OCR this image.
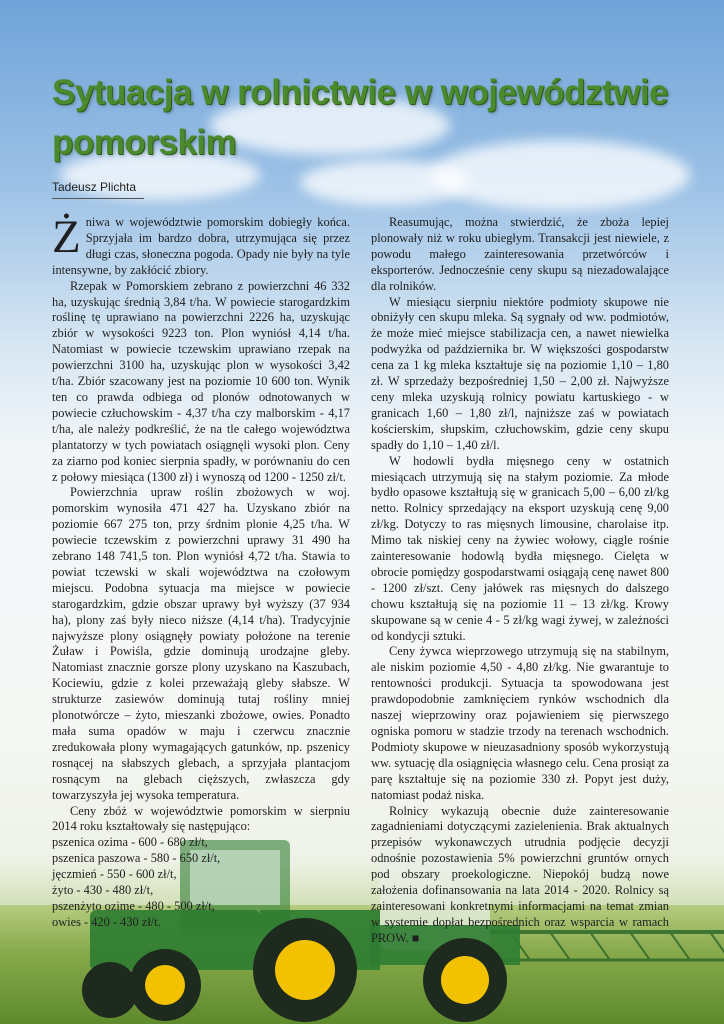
Sytuacja w rolnictwie w województwie pomorskim
Tadeusz Plichta

Żniwa w województwie pomorskim dobiegły końca. Sprzyjała im bardzo dobra, utrzymująca się przez długi czas, słoneczna pogoda. Opady nie były na tyle intensywne, by zakłócić zbiory.

Rzepak w Pomorskiem zebrano z powierzchni 46 332 ha, uzyskując średnią 3,84 t/ha. W powiecie starogardzkim roślinę tę uprawiano na powierzchni 2226 ha, uzyskując zbiór w wysokości 9223 ton. Plon wyniósł 4,14 t/ha. Natomiast w powiecie tczewskim uprawiano rzepak na powierzchni 3100 ha, uzyskując plon w wysokości 3,42 t/ha. Zbiór szacowany jest na poziomie 10 600 ton. Wynik ten co prawda odbiega od plonów odnotowanych w powiecie człuchowskim - 4,37 t/ha czy malborskim - 4,17 t/ha, ale należy podkreślić, że na tle całego województwa plantatorzy w tych powiatach osiągnęli wysoki plon. Ceny za ziarno pod koniec sierpnia spadły, w porównaniu do cen z połowy miesiąca (1300 zł) i wynoszą od 1200 - 1250 zł/t.

Powierzchnia upraw roślin zbożowych w woj. pomorskim wynosiła 471 427 ha. Uzyskano zbiór na poziomie 667 275 ton, przy śrdnim plonie 4,25 t/ha. W powiecie tczewskim z powierzchni uprawy 31 490 ha zebrano 148 741,5 ton. Plon wyniósł 4,72 t/ha. Stawia to powiat tczewski w skali województwa na czołowym miejscu. Podobna sytuacja ma miejsce w powiecie starogardzkim, gdzie obszar uprawy był wyższy (37 934 ha), plony zaś były nieco niższe (4,14 t/ha). Tradycyjnie najwyższe plony osiągnęły powiaty położone na terenie Żuław i Powiśla, gdzie dominują urodzajne gleby. Natomiast znacznie gorsze plony uzyskano na Kaszubach, Kociewiu, gdzie z kolei przeważają gleby słabsze. W strukturze zasiewów dominują tutaj rośliny mniej plonotwórcze – żyto, mieszanki zbożowe, owies. Ponadto mała suma opadów w maju i czerwcu znacznie zredukowała plony wymagających gatunków, np. pszenicy rosnącej na słabszych glebach, a sprzyjała plantacjom rosnącym na glebach cięższych, zwłaszcza gdy towarzyszyła jej wysoka temperatura.

Ceny zbóż w województwie pomorskim w sierpniu 2014 roku kształtowały się następująco:

pszenica ozima - 600 - 680 zł/t,
pszenica paszowa - 580 - 650 zł/t,
jęczmień - 550 - 600 zł/t,
żyto - 430 - 480 zł/t,
pszenżyto ozime - 480 - 500 zł/t,
owies - 420 - 430 zł/t.

Reasumując, można stwierdzić, że zboża lepiej plonowały niż w roku ubiegłym. Transakcji jest niewiele, z powodu małego zainteresowania przetwórców i eksporterów. Jednocześnie ceny skupu są niezadowalające dla rolników.

W miesiącu sierpniu niektóre podmioty skupowe nie obniżyły cen skupu mleka. Są sygnały od ww. podmiotów, że może mieć miejsce stabilizacja cen, a nawet niewielka podwyżka od października br. W większości gospodarstw cena za 1 kg mleka kształtuje się na poziomie 1,10 – 1,80 zł. W sprzedaży bezpośredniej 1,50 – 2,00 zł. Najwyższe ceny mleka uzyskują rolnicy powiatu kartuskiego - w granicach 1,60 – 1,80 zł/l, najniższe zaś w powiatach kościerskim, słupskim, człuchowskim, gdzie ceny skupu spadły do 1,10 – 1,40 zł/l.

W hodowli bydła mięsnego ceny w ostatnich miesiącach utrzymują się na stałym poziomie. Za młode bydło opasowe kształtują się w granicach 5,00 – 6,00 zł/kg netto. Rolnicy sprzedający na eksport uzyskują cenę 9,00 zł/kg. Dotyczy to ras mięsnych limousine, charolaise itp. Mimo tak niskiej ceny na żywiec wołowy, ciągle rośnie zainteresowanie hodowlą bydła mięsnego. Cielęta w obrocie pomiędzy gospodarstwami osiągają cenę nawet 800 - 1200 zł/szt. Ceny jałówek ras mięsnych do dalszego chowu kształtują się na poziomie 11 – 13 zł/kg. Krowy skupowane są w cenie 4 - 5 zł/kg wagi żywej, w zależności od kondycji sztuki.

Ceny żywca wieprzowego utrzymują się na stabilnym, ale niskim poziomie 4,50 - 4,80 zł/kg. Nie gwarantuje to rentowności produkcji. Sytuacja ta spowodowana jest prawdopodobnie zamknięciem rynków wschodnich dla naszej wieprzowiny oraz pojawieniem się pierwszego ogniska pomoru w stadzie trzody na terenach wschodnich. Podmioty skupowe w nieuzasadniony sposób wykorzystują ww. sytuację dla osiągnięcia własnego celu. Cena prosiąt za parę kształtuje się na poziomie 330 zł. Popyt jest duży, natomiast podaż niska.

Rolnicy wykazują obecnie duże zainteresowanie zagadnieniami dotyczącymi zazielenienia. Brak aktualnych przepisów wykonawczych utrudnia podjęcie decyzji odnośnie pozostawienia 5% powierzchni gruntów ornych pod obszary proekologiczne. Niepokój budzą nowe założenia dofinansowania na lata 2014 - 2020. Rolnicy są zainteresowani konkretnymi informacjami na temat zmian w systemie dopłat bezpośrednich oraz wsparcia w ramach PROW. ■
